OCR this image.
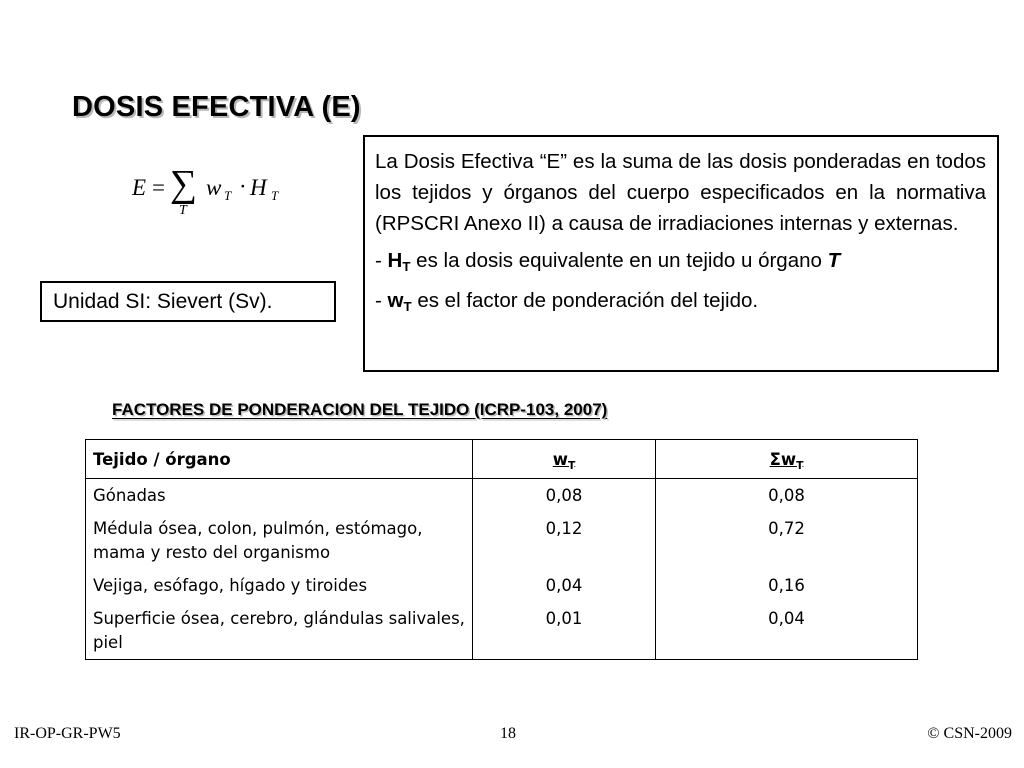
DOSIS EFECTIVA (E)
E = ∑
T
w T · H T
Unidad SI: Sievert (Sv).

La Dosis Efectiva “E” es la suma de las dosis ponderadas en todos los tejidos y órganos del cuerpo especificados en la normativa (RPSCRI Anexo II) a causa de irradiaciones internas y externas.

- $H_T$ es la dosis equivalente en un tejido u órgano T

- $w_T$ es el factor de ponderación del tejido.

FACTORES DE PONDERACION DEL TEJIDO (ICRP-103, 2007)
Tejido / órgano	$w_T$	$\Sigma w_T$
Gónadas	0,08	0,08
Médula ósea, colon, pulmón, estómago, mama y resto del organismo	0,12	0,72
Vejiga, esófago, hígado y tiroides	0,04	0,16
Superficie ósea, cerebro, glándulas salivales, piel	0,01	0,04
IR-OP-GR-PW5	18	© CSN-2009
